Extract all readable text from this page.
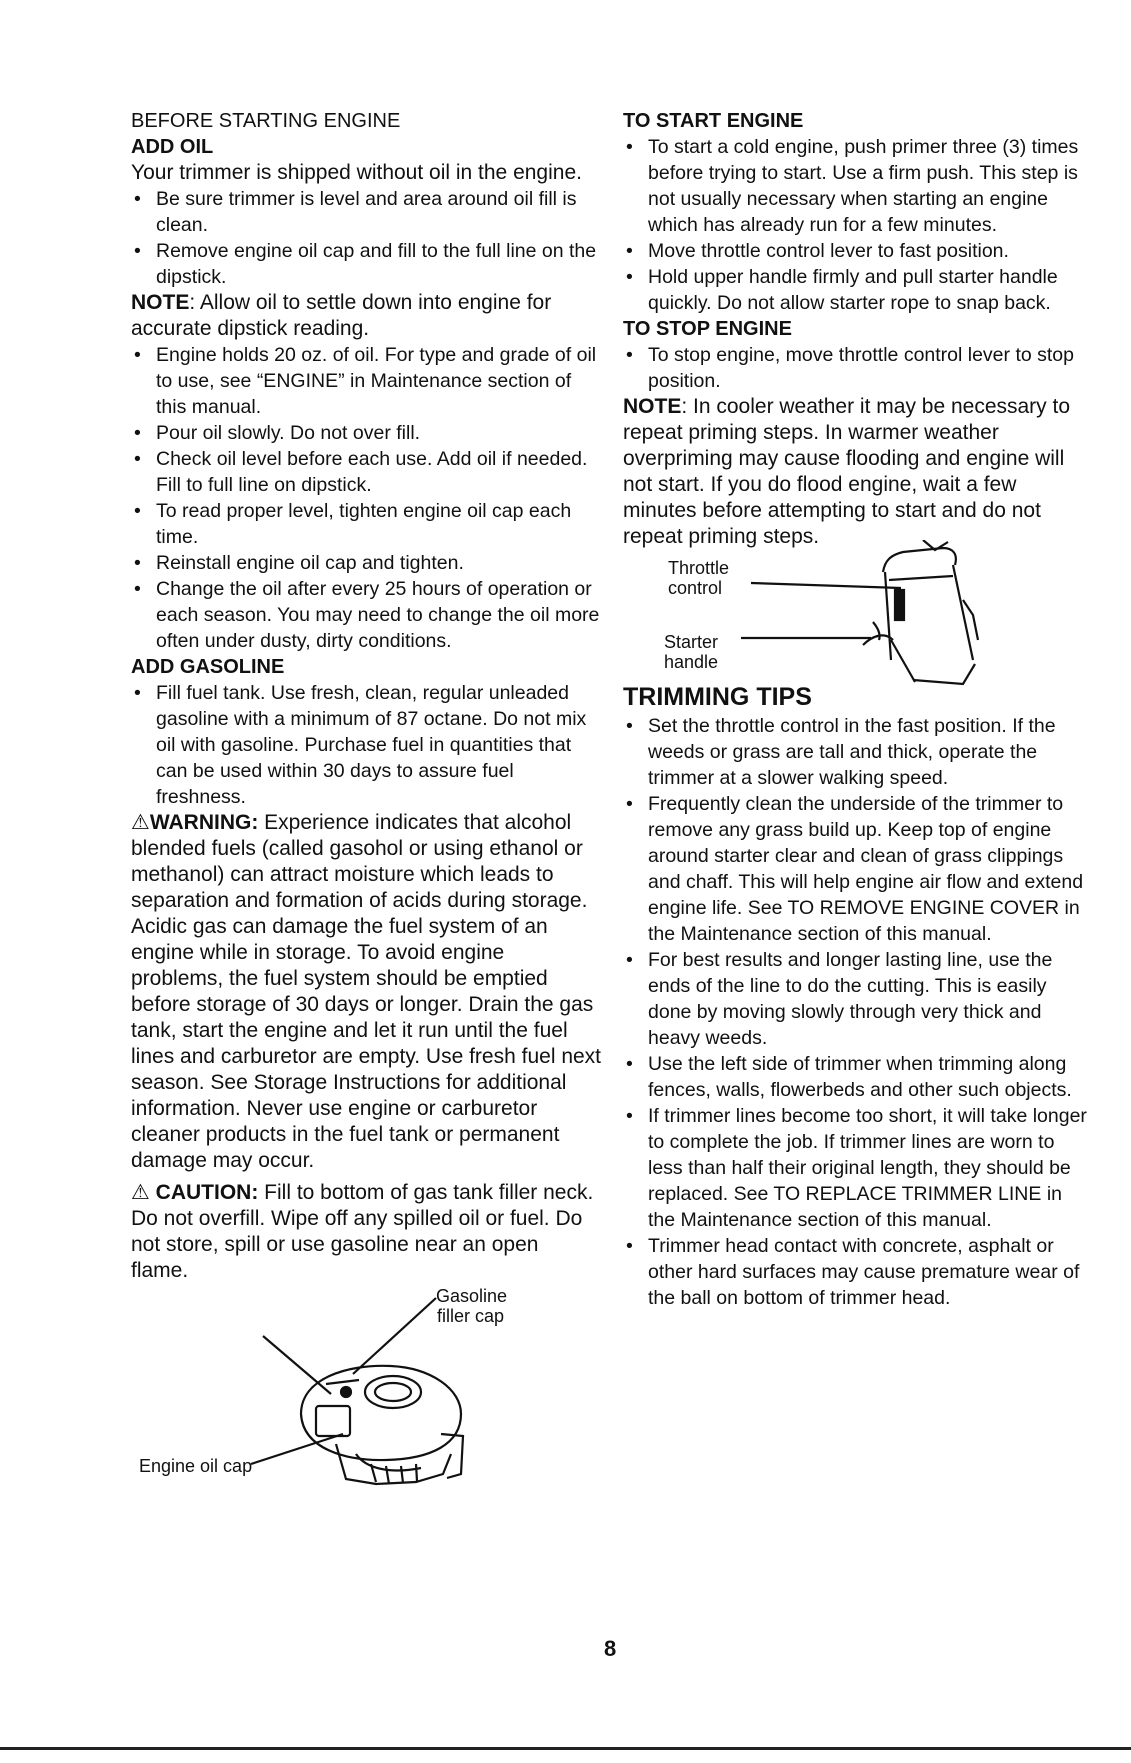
BEFORE STARTING ENGINE

ADD OIL

Your trimmer is shipped without oil in the engine.

• Be sure trimmer is level and area around oil fill is clean.
• Remove engine oil cap and fill to the full line on the dipstick.

NOTE: Allow oil to settle down into engine for accurate dipstick reading.

• Engine holds 20 oz. of oil. For type and grade of oil to use, see “ENGINE” in Maintenance section of this manual.
• Pour oil slowly. Do not over fill.
• Check oil level before each use. Add oil if needed. Fill to full line on dipstick.
• To read proper level, tighten engine oil cap each time.
• Reinstall engine oil cap and tighten.
• Change the oil after every 25 hours of operation or each season. You may need to change the oil more often under dusty, dirty conditions.

ADD GASOLINE

• Fill fuel tank. Use fresh, clean, regular unleaded gasoline with a minimum of 87 octane. Do not mix oil with gasoline. Purchase fuel in quantities that can be used within 30 days to assure fuel freshness.

⚠WARNING: Experience indicates that alcohol blended fuels (called gasohol or using ethanol or methanol) can attract moisture which leads to separation and formation of acids during storage. Acidic gas can damage the fuel system of an engine while in storage. To avoid engine problems, the fuel system should be emptied before storage of 30 days or longer. Drain the gas tank, start the engine and let it run until the fuel lines and carburetor are empty. Use fresh fuel next season. See Storage Instructions for additional information. Never use engine or carburetor cleaner products in the fuel tank or permanent damage may occur.

⚠ CAUTION: Fill to bottom of gas tank filler neck. Do not overfill. Wipe off any spilled oil or fuel. Do not store, spill or use gasoline near an open flame.

Gasoline
filler cap
Engine oil cap

TO START ENGINE

• To start a cold engine, push primer three (3) times before trying to start. Use a firm push. This step is not usually necessary when starting an engine which has already run for a few minutes.
• Move throttle control lever to fast position.
• Hold upper handle firmly and pull starter handle quickly. Do not allow starter rope to snap back.

TO STOP ENGINE

• To stop engine, move throttle control lever to stop position.

NOTE: In cooler weather it may be necessary to repeat priming steps. In warmer weather overpriming may cause flooding and engine will not start. If you do flood engine, wait a few minutes before attempting to start and do not repeat priming steps.

Throttle
control
Starter
handle

TRIMMING TIPS

• Set the throttle control in the fast position. If the weeds or grass are tall and thick, operate the trimmer at a slower walking speed.
• Frequently clean the underside of the trimmer to remove any grass build up. Keep top of engine around starter clear and clean of grass clippings and chaff. This will help engine air flow and extend engine life. See TO REMOVE ENGINE COVER in the Maintenance section of this manual.
• For best results and longer lasting line, use the ends of the line to do the cutting. This is easily done by moving slowly through very thick and heavy weeds.
• Use the left side of trimmer when trimming along fences, walls, flowerbeds and other such objects.
• If trimmer lines become too short, it will take longer to complete the job. If trimmer lines are worn to less than half their original length, they should be replaced. See TO REPLACE TRIMMER LINE in the Maintenance section of this manual.
• Trimmer head contact with concrete, asphalt or other hard surfaces may cause premature wear of the ball on bottom of trimmer head.
8
